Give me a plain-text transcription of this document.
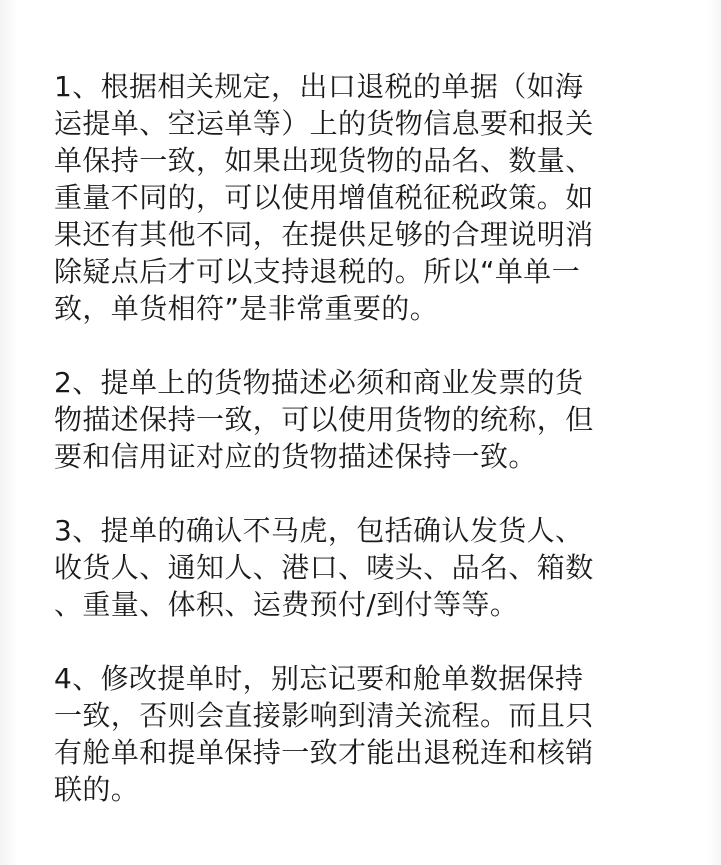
1、根据相关规定，出口退税的单据（如海
运提单、空运单等）上的货物信息要和报关
单保持一致，如果出现货物的品名、数量、
重量不同的，可以使用增值税征税政策。如
果还有其他不同，在提供足够的合理说明消
除疑点后才可以支持退税的。所以“单单一
致，单货相符”是非常重要的。
2、提单上的货物描述必须和商业发票的货
物描述保持一致，可以使用货物的统称，但
要和信用证对应的货物描述保持一致。
3、提单的确认不马虎，包括确认发货人、
收货人、通知人、港口、唛头、品名、箱数
、重量、体积、运费预付/到付等等。
4、修改提单时，别忘记要和舱单数据保持
一致，否则会直接影响到清关流程。而且只
有舱单和提单保持一致才能出退税连和核销
联的。
